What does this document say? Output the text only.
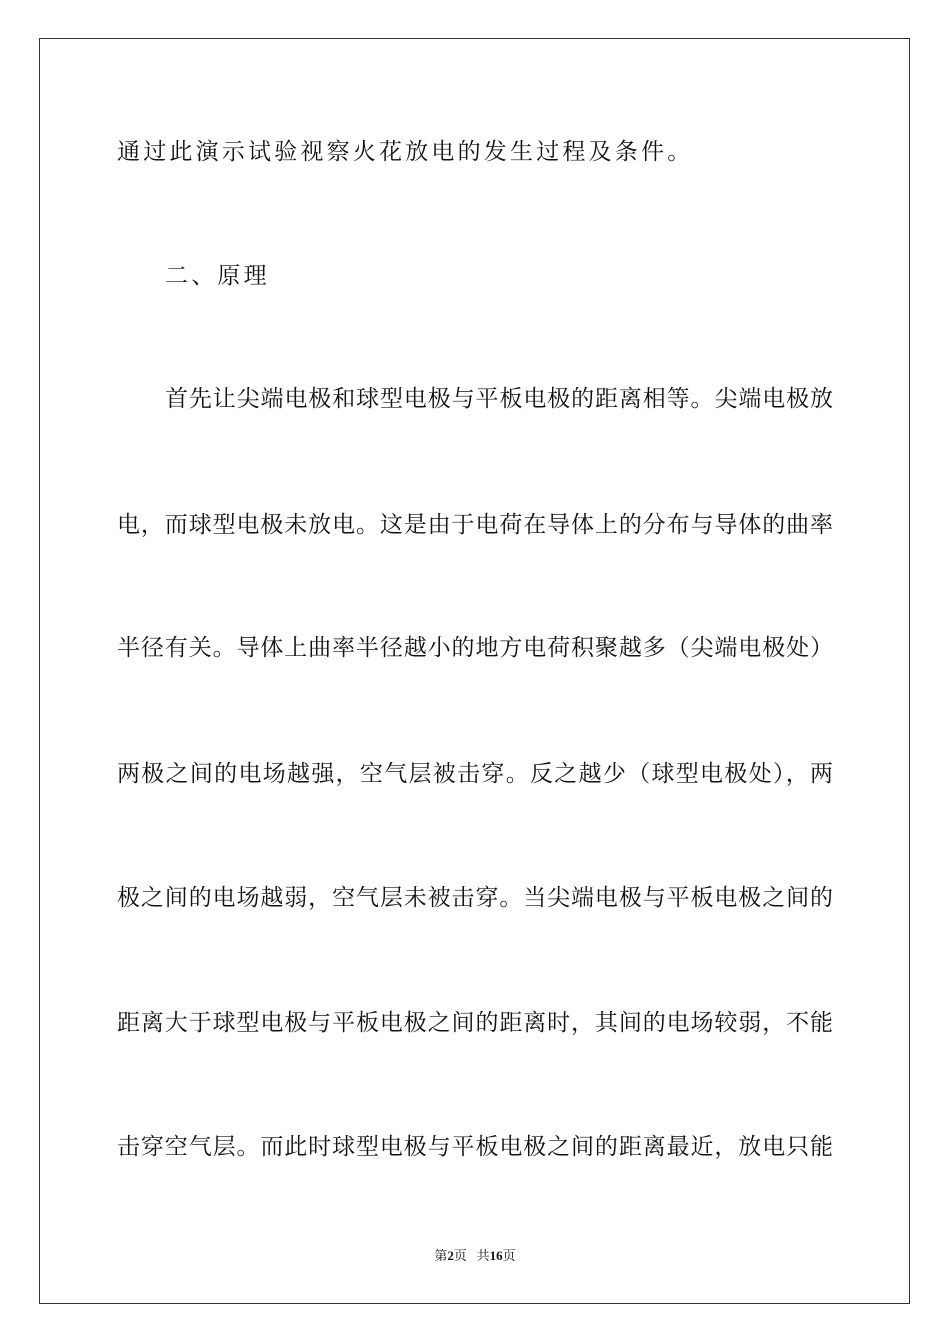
通过此演示试验视察火花放电的发生过程及条件。
二、原理
首先让尖端电极和球型电极与平板电极的距离相等。尖端电极放
电，而球型电极未放电。这是由于电荷在导体上的分布与导体的曲率
半径有关。导体上曲率半径越小的地方电荷积聚越多（尖端电极处）
两极之间的电场越强，空气层被击穿。反之越少（球型电极处），两
极之间的电场越弱，空气层未被击穿。当尖端电极与平板电极之间的
距离大于球型电极与平板电极之间的距离时，其间的电场较弱，不能
击穿空气层。而此时球型电极与平板电极之间的距离最近，放电只能
第2页 共16页
